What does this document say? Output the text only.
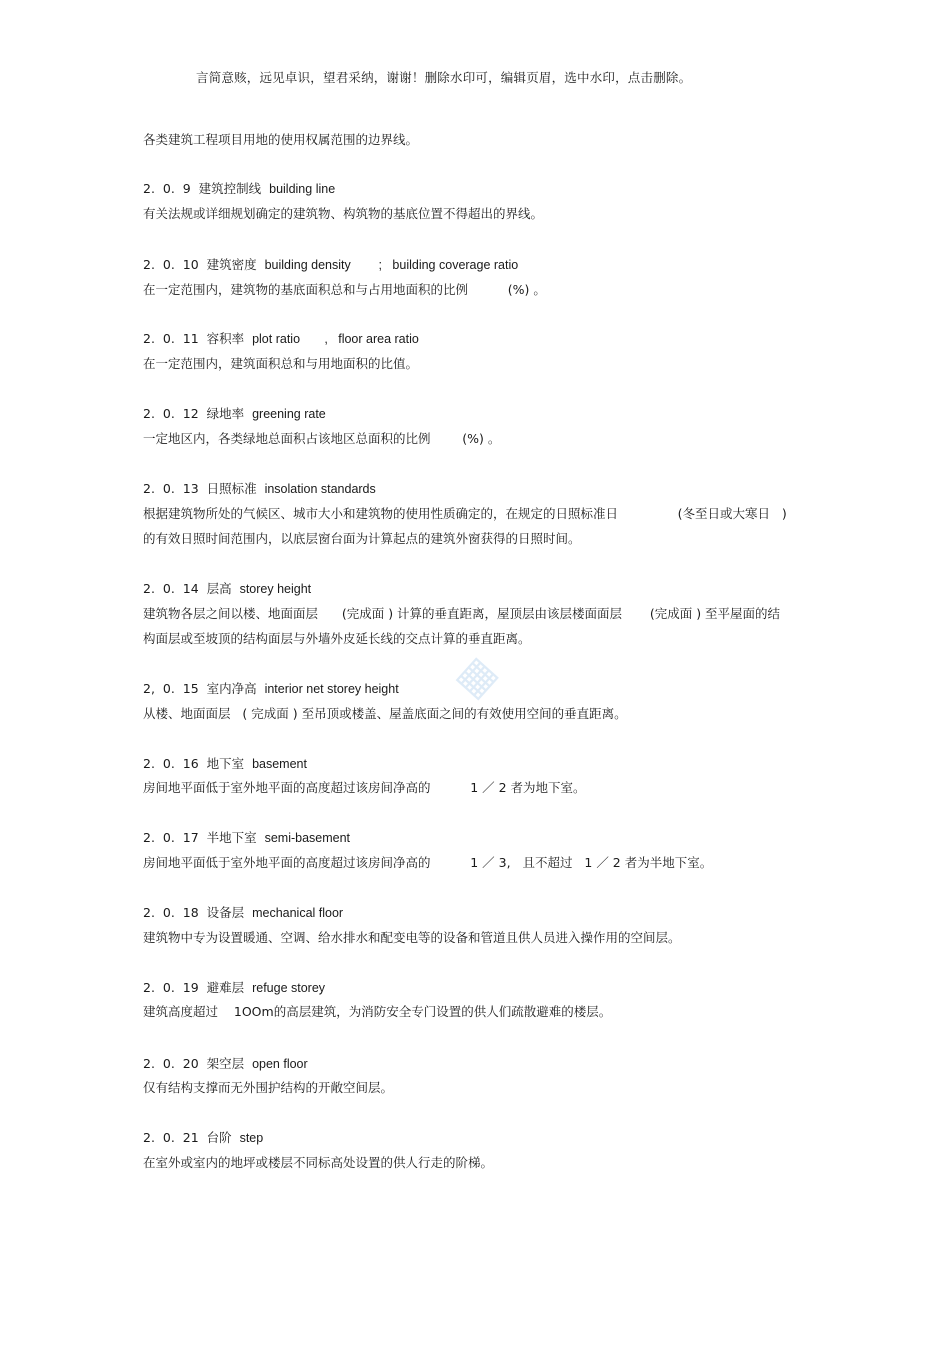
言简意赅，远见卓识，望君采纳，谢谢！删除水印可，编辑页眉，选中水印，点击删除。
各类建筑工程项目用地的使用权属范围的边界线。
2.  0.  9 建筑控制线 building line
有关法规或详细规划确定的建筑物、构筑物的基底位置不得超出的界线。
2.  0.  10 建筑密度 building density        ;   building coverage ratio
在一定范围内，建筑物的基底面积总和与占用地面积的比例          (%) 。
2.  0.  11 容积率 plot ratio       ,   floor area ratio
在一定范围内，建筑面积总和与用地面积的比值。
2.  0.  12 绿地率 greening rate
一定地区内，各类绿地总面积占该地区总面积的比例        (%) 。
2.  0.  13 日照标准 insolation standards
根据建筑物所处的气候区、城市大小和建筑物的使用性质确定的，在规定的日照标准日               (冬至日或大寒日   )
的有效日照时间范围内，以底层窗台面为计算起点的建筑外窗获得的日照时间。
2.  0.  14 层高 storey height
建筑物各层之间以楼、地面面层      (完成面 ) 计算的垂直距离，屋顶层由该层楼面面层       (完成面 ) 至平屋面的结
构面层或至坡顶的结构面层与外墙外皮延长线的交点计算的垂直距离。
2,  0.  15 室内净高 interior net storey height
从楼、地面面层   ( 完成面 ) 至吊顶或楼盖、屋盖底面之间的有效使用空间的垂直距离。
2.  0.  16 地下室 basement
房间地平面低于室外地平面的高度超过该房间净高的          1 ／ 2 者为地下室。
2.  0.  17 半地下室 semi-basement
房间地平面低于室外地平面的高度超过该房间净高的          1 ／ 3,   且不超过   1 ／ 2 者为半地下室。
2.  0.  18 设备层 mechanical floor
建筑物中专为设置暖通、空调、给水排水和配变电等的设备和管道且供人员进入操作用的空间层。
2.  0.  19 避难层 refuge storey
建筑高度超过    1OOm的高层建筑，为消防安全专门设置的供人们疏散避难的楼层。
2.  0.  20 架空层 open floor
仅有结构支撑而无外围护结构的开敞空间层。
2.  0.  21 台阶 step
在室外或室内的地坪或楼层不同标高处设置的供人行走的阶梯。
▦
